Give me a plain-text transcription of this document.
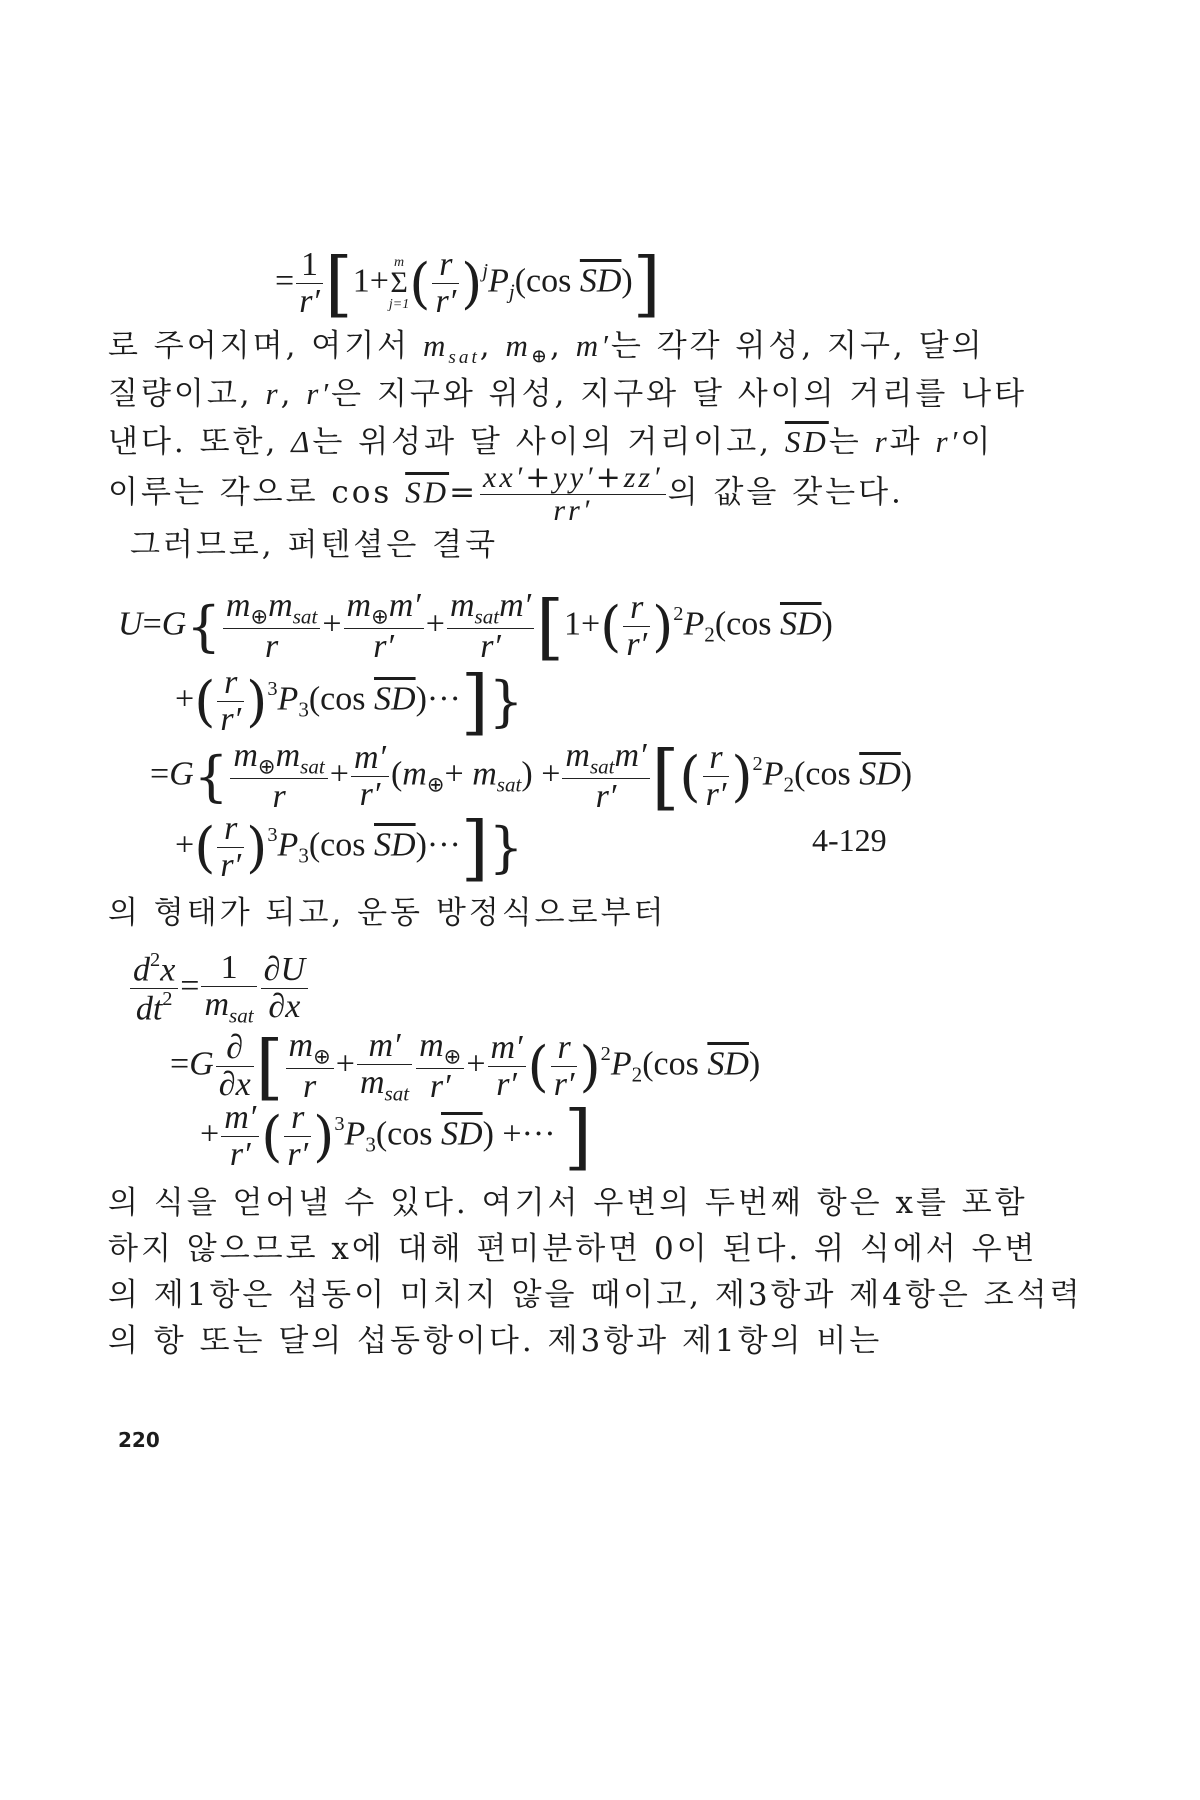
= $\frac{1}{r'} [1+ m$
Σ
j=1 ( $\frac{r}{r'} )^jP_j(\cos$ $\overline{SD}$)]
로 주어지며, 여기서 $m_{sat}$, $m_\oplus$, m′는 각각 위성, 지구, 달의
질량이고, r, r′은 지구와 위성, 지구와 달 사이의 거리를 나타
낸다. 또한, Δ는 위성과 달 사이의 거리이고, $\overline{SD}$는 r과 r′이
이루는 각으로 $\cos \overline{SD}= \frac{xx'+yy'+zz'}{rr'}$ 의 값을 갖는다.
그러므로, 퍼텐셜은 결국
$U=G\{ \frac{m_\oplus m_{sat}}{r} + \frac{m_\oplus m'}{r'} + \frac{m_{sat}m'}{r'} [1+( \frac{r}{r'} )^2P_2(\cos$ $\overline{SD}$)
+( $\frac{r}{r'} )^3P_3(\cos$ $\overline{SD})\cdot\cdot\cdot$]}
$=G\{ \frac{m_\oplus m_{sat}}{r} + \frac{m'}{r'} (m_\oplus+ m_{sat}) + \frac{m_{sat}m'}{r'}$ [( $\frac{r}{r'} )^2P_2(\cos$ $\overline{SD}$)
+( $\frac{r}{r'} )^3P_3(\cos$ $\overline{SD})\cdot\cdot\cdot$]}	4-129
의 형태가 되고, 운동 방정식으로부터
$\frac{d^2x}{dt^2} = \frac{1}{m_{sat}} \frac{\partial U}{\partial x}$
$=G \frac{\partial}{\partial x}$ [ $\frac{m_\oplus}{r} + \frac{m'}{m_{sat}} \frac{m_\oplus}{r'} + \frac{m'}{r'}$ ( $\frac{r}{r'} )^2P_2(\cos$ $\overline{SD}$)
+ $\frac{m'}{r'}$ ( $\frac{r}{r'} )^3P_3(\cos$ $\overline{SD}$) +··· ]
의 식을 얻어낼 수 있다. 여기서 우변의 두번째 항은 x를 포함
하지 않으므로 x에 대해 편미분하면 0이 된다. 위 식에서 우변
의 제1항은 섭동이 미치지 않을 때이고, 제3항과 제4항은 조석력
의 항 또는 달의 섭동항이다. 제3항과 제1항의 비는
220
